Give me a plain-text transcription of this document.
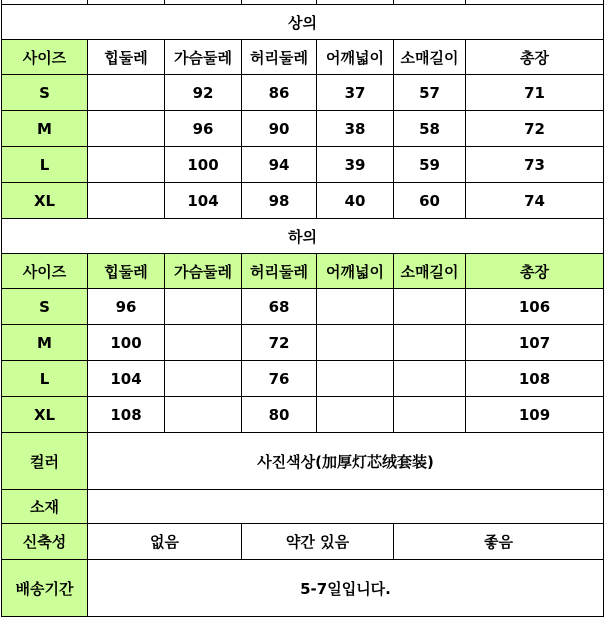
상의						
사이즈	힙둘레	가슴둘레	허리둘레	어깨넓이	소매길이	총장
S		92	86	37	57	71
M		96	90	38	58	72
L		100	94	39	59	73
XL		104	98	40	60	74
하의						
사이즈	힙둘레	가슴둘레	허리둘레	어깨넓이	소매길이	총장
S	96		68			106
M	100		72			107
L	104		76			108
XL	108		80			109
컬러	사진색상(加厚灯芯绒套装)					
소재						
신축성	없음		약간 있음		좋음	
배송기간	5-7일입니다.					
